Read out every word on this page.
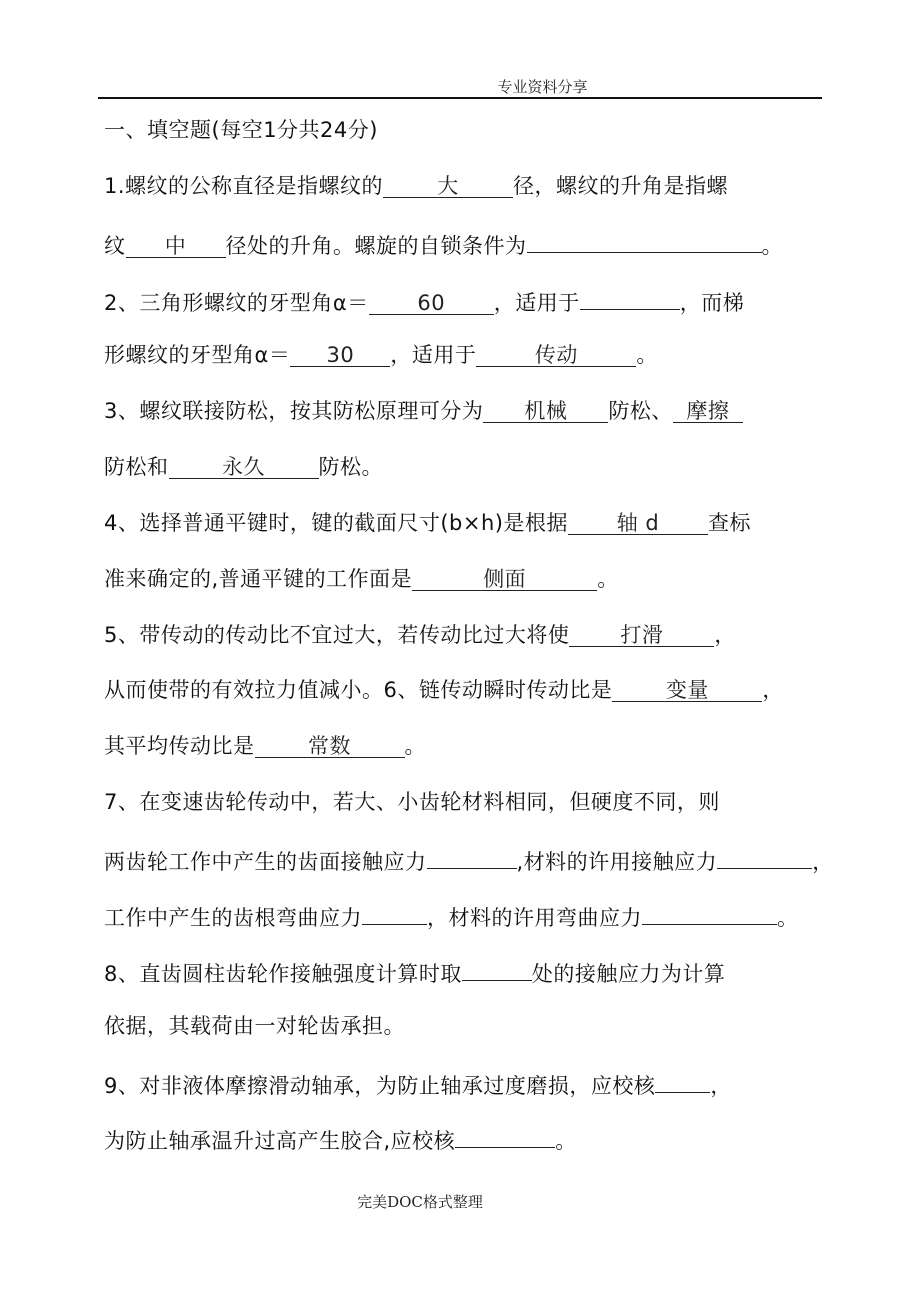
专业资料分享
一、填空题(每空1分共24分)
1.螺纹的公称直径是指螺纹的	大	径，螺纹的升角是指螺
纹 中 径处的升角。螺旋的自锁条件为	。
2、三角形螺纹的牙型角α＝ 60 ，适用于	，而梯
形螺纹的牙型角α＝ 30 ，适用于	传动	。
3、螺纹联接防松，按其防松原理可分为 机械 防松、 摩擦
防松和	永久	防松。
4、选择普通平键时，键的截面尺寸(b×h)是根据 轴 d 查标
准来确定的,普通平键的工作面是	侧面	。
5、带传动的传动比不宜过大，若传动比过大将使 打滑 ，
从而使带的有效拉力值减小。6、链传动瞬时传动比是	变量	，
其平均传动比是	常数	。
7、在变速齿轮传动中，若大、小齿轮材料相同，但硬度不同，则
两齿轮工作中产生的齿面接触应力	,材料的许用接触应力	，
工作中产生的齿根弯曲应力	，材料的许用弯曲应力	。
8、直齿圆柱齿轮作接触强度计算时取	处的接触应力为计算
依据，其载荷由一对轮齿承担。
9、对非液体摩擦滑动轴承，为防止轴承过度磨损，应校核	，
为防止轴承温升过高产生胶合,应校核	。
完美DOC格式整理
